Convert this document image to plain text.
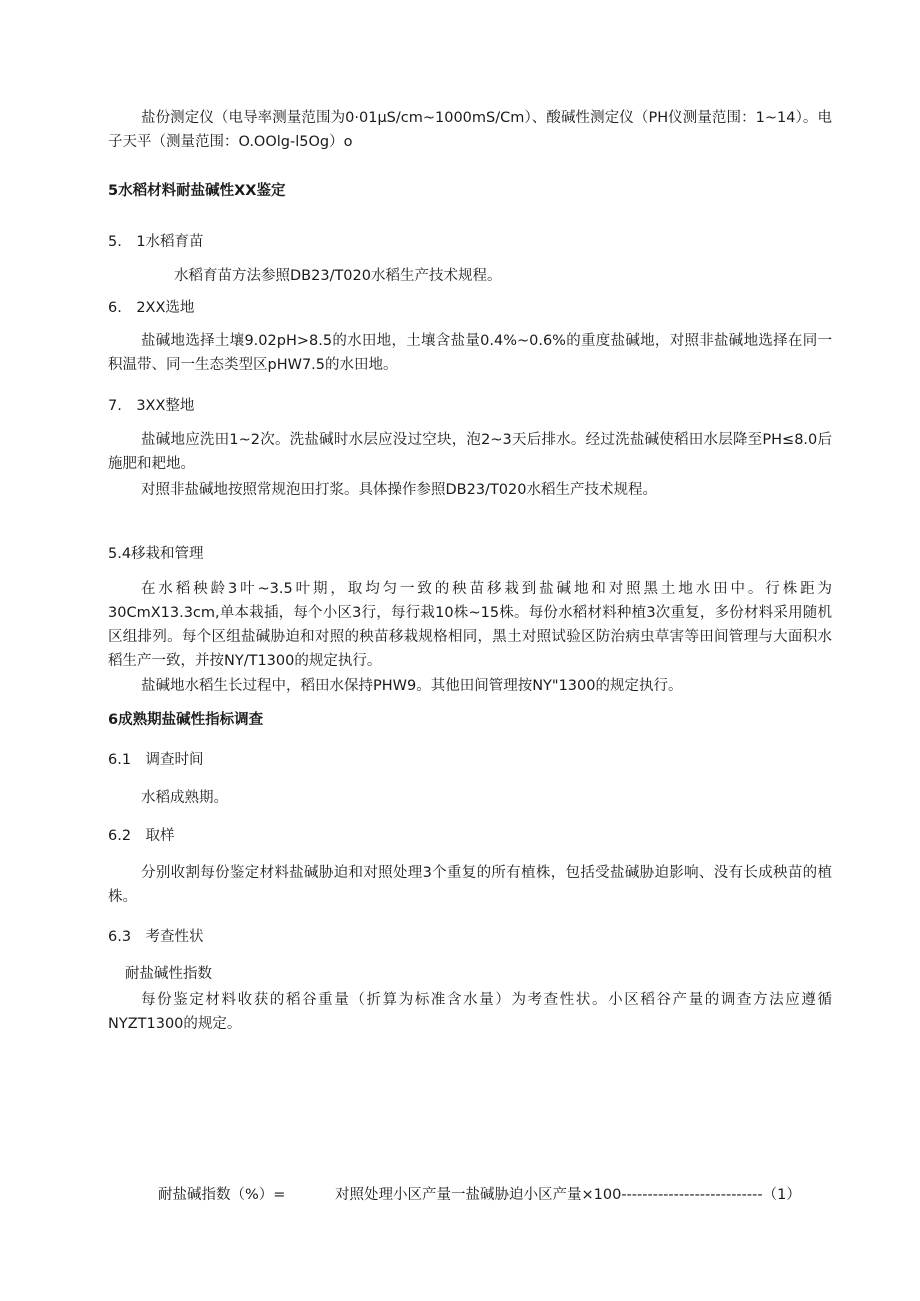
盐份测定仪（电导率测量范围为0·01μS∕cm~1000mS∕Cm）、酸碱性测定仪（PH仪测量范围：1~14）。电子天平（测量范围：O.OOlg-l5Og）o

5水稻材料耐盐碱性XX鉴定

5.　1水稻育苗

水稻育苗方法参照DB23/T020水稻生产技术规程。

6.　2XX选地

盐碱地选择土壤9.02pH>8.5的水田地，土壤含盐量0.4%~0.6%的重度盐碱地，对照非盐碱地选择在同一积温带、同一生态类型区pHW7.5的水田地。

7.　3XX整地

盐碱地应洗田1~2次。洗盐碱时水层应没过空块，泡2~3天后排水。经过洗盐碱使稻田水层降至PH≤8.0后施肥和耙地。

对照非盐碱地按照常规泡田打浆。具体操作参照DB23/T020水稻生产技术规程。

5.4移栽和管理

在水稻秧龄3叶~3.5叶期，取均匀一致的秧苗移栽到盐碱地和对照黑土地水田中。行株距为30CmX13.3cm,单本栽插，每个小区3行，每行栽10株~15株。每份水稻材料种植3次重复，多份材料采用随机区组排列。每个区组盐碱胁迫和对照的秧苗移栽规格相同，黑土对照试验区防治病虫草害等田间管理与大面积水稻生产一致，并按NY/T1300的规定执行。

盐碱地水稻生长过程中，稻田水保持PHW9。其他田间管理按NY"1300的规定执行。

6成熟期盐碱性指标调查

6.1　调查时间

水稻成熟期。

6.2　取样

分别收割每份鉴定材料盐碱胁迫和对照处理3个重复的所有植株，包括受盐碱胁迫影响、没有长成秧苗的植株。

6.3　考查性状

耐盐碱性指数

每份鉴定材料收获的稻谷重量（折算为标准含水量）为考查性状。小区稻谷产量的调查方法应遵循NYZT1300的规定。

耐盐碱指数（%）=	对照处理小区产量一盐碱胁迫小区产量×100---------------------------（1）
